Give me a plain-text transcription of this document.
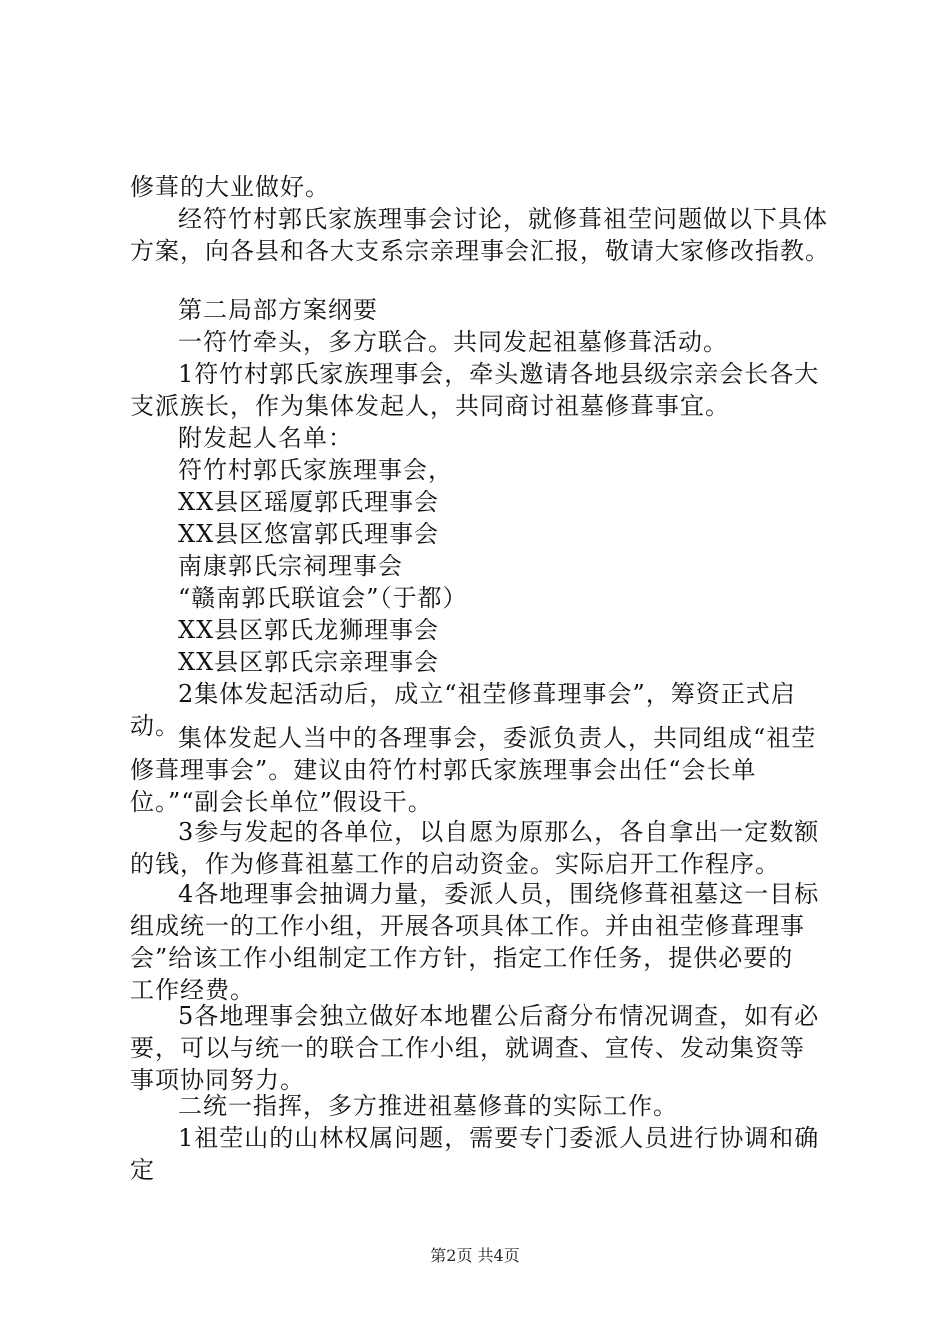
修葺的大业做好。
经符竹村郭氏家族理事会讨论，就修葺祖茔问题做以下具体
方案，向各县和各大支系宗亲理事会汇报，敬请大家修改指教。
第二局部方案纲要
一符竹牵头，多方联合。共同发起祖墓修葺活动。
1符竹村郭氏家族理事会，牵头邀请各地县级宗亲会长各大
支派族长，作为集体发起人，共同商讨祖墓修葺事宜。
附发起人名单：
符竹村郭氏家族理事会，
XX县区瑶厦郭氏理事会
XX县区悠富郭氏理事会
南康郭氏宗祠理事会
“赣南郭氏联谊会”（于都）
XX县区郭氏龙狮理事会
XX县区郭氏宗亲理事会
2集体发起活动后，成立“祖茔修葺理事会”，筹资正式启
动。
集体发起人当中的各理事会，委派负责人，共同组成“祖茔
修葺理事会”。建议由符竹村郭氏家族理事会出任“会长单
位。”“副会长单位”假设干。
3参与发起的各单位，以自愿为原那么，各自拿出一定数额
的钱，作为修葺祖墓工作的启动资金。实际启开工作程序。
4各地理事会抽调力量，委派人员，围绕修葺祖墓这一目标
组成统一的工作小组，开展各项具体工作。并由祖茔修葺理事
会”给该工作小组制定工作方针，指定工作任务，提供必要的
工作经费。
5各地理事会独立做好本地瞿公后裔分布情况调查，如有必
要，可以与统一的联合工作小组，就调查、宣传、发动集资等
事项协同努力。
二统一指挥，多方推进祖墓修葺的实际工作。
1祖茔山的山林权属问题，需要专门委派人员进行协调和确
定
第2页 共4页
